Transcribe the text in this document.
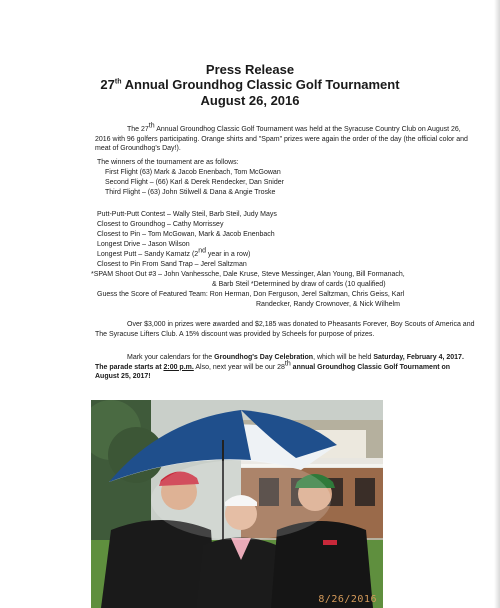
Press Release
27th Annual Groundhog Classic Golf Tournament
August 26, 2016
The 27th Annual Groundhog Classic Golf Tournament was held at the Syracuse Country Club on August 26, 2016 with 96 golfers participating. Orange shirts and "Spam" prizes were again the order of the day (the official color and meat of Groundhog's Day!).
The winners of the tournament are as follows:
First Flight (63) Mark & Jacob Enenbach, Tom McGowan
Second Flight – (66) Karl & Derek Rendecker, Dan Snider
Third Flight – (63) John Stilwell & Dana & Angie Troske
Putt-Putt-Putt Contest – Wally Steil, Barb Steil, Judy Mays
Closest to Groundhog – Cathy Morrissey
Closest to Pin – Tom McGowan, Mark & Jacob Enenbach
Longest Drive – Jason Wilson
Longest Putt – Sandy Karnatz (2nd year in a row)
Closest to Pin From Sand Trap – Jerel Saltzman
*SPAM Shoot Out #3 – John Vanhessche, Dale Kruse, Steve Messinger, Alan Young, Bill Formanach,
& Barb Steil *Determined by draw of cards (10 qualified)
Guess the Score of Featured Team: Ron Herman, Don Ferguson, Jerel Saltzman, Chris Geiss, Karl
Randecker, Randy Crownover, & Nick Wilhelm
Over $3,000 in prizes were awarded and $2,185 was donated to Pheasants Forever, Boy Scouts of America and The Syracuse Lifters Club. A 15% discount was provided by Scheels for purpose of prizes.
Mark your calendars for the Groundhog's Day Celebration, which will be held Saturday, February 4, 2017. The parade starts at 2:00 p.m. Also, next year will be our 28th annual Groundhog Classic Golf Tournament on August 25, 2017!
8/26/2016
